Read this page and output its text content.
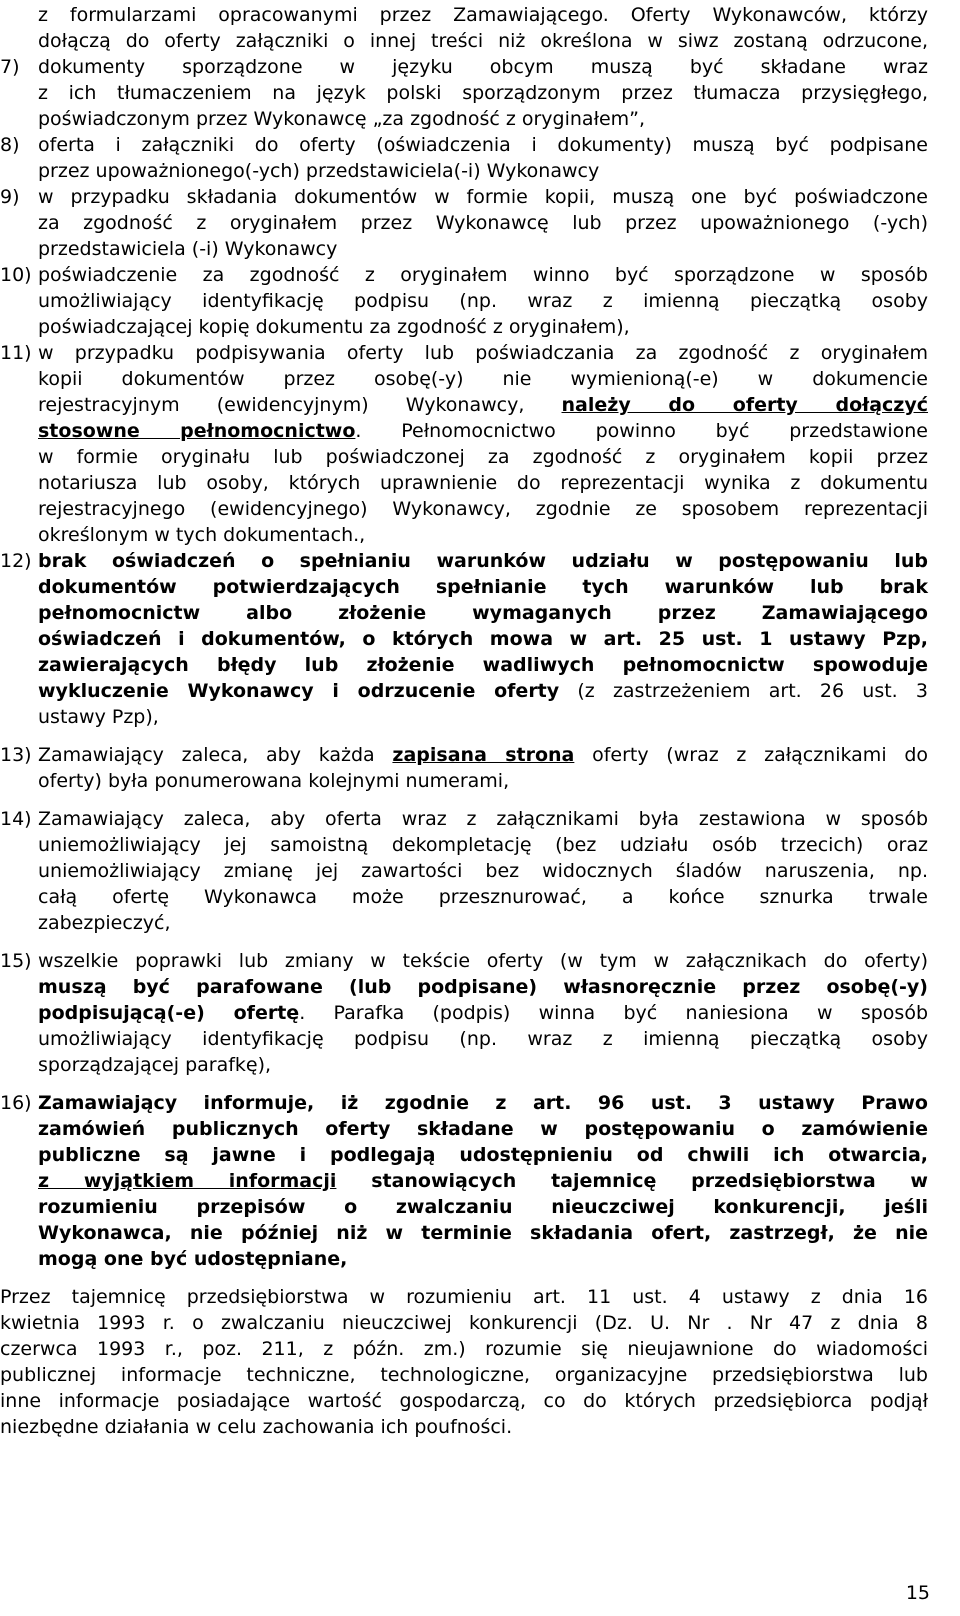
z formularzami opracowanymi przez Zamawiającego. Oferty Wykonawców, którzy
dołączą do oferty załączniki o innej treści niż określona w siwz zostaną odrzucone,
7) dokumenty sporządzone w języku obcym muszą być składane wraz
z ich tłumaczeniem na język polski sporządzonym przez tłumacza przysięgłego,
poświadczonym przez Wykonawcę „za zgodność z oryginałem”,
8) oferta i załączniki do oferty (oświadczenia i dokumenty) muszą być podpisane
przez upoważnionego(-ych) przedstawiciela(-i) Wykonawcy
9) w przypadku składania dokumentów w formie kopii, muszą one być poświadczone
za zgodność z oryginałem przez Wykonawcę lub przez upoważnionego (-ych)
przedstawiciela (-i) Wykonawcy
10) poświadczenie za zgodność z oryginałem winno być sporządzone w sposób
umożliwiający identyfikację podpisu (np. wraz z imienną pieczątką osoby
poświadczającej kopię dokumentu za zgodność z oryginałem),
11) w przypadku podpisywania oferty lub poświadczania za zgodność z oryginałem
kopii dokumentów przez osobę(-y) nie wymienioną(-e) w dokumencie
rejestracyjnym (ewidencyjnym) Wykonawcy, należy do oferty dołączyć
stosowne pełnomocnictwo. Pełnomocnictwo powinno być przedstawione
w formie oryginału lub poświadczonej za zgodność z oryginałem kopii przez
notariusza lub osoby, których uprawnienie do reprezentacji wynika z dokumentu
rejestracyjnego (ewidencyjnego) Wykonawcy, zgodnie ze sposobem reprezentacji
określonym w tych dokumentach.,
12) brak oświadczeń o spełnianiu warunków udziału w postępowaniu lub
dokumentów potwierdzających spełnianie tych warunków lub brak
pełnomocnictw albo złożenie wymaganych przez Zamawiającego
oświadczeń i dokumentów, o których mowa w art. 25 ust. 1 ustawy Pzp,
zawierających błędy lub złożenie wadliwych pełnomocnictw spowoduje
wykluczenie Wykonawcy i odrzucenie oferty (z zastrzeżeniem art. 26 ust. 3
ustawy Pzp),
13) Zamawiający zaleca, aby każda zapisana strona oferty (wraz z załącznikami do
oferty) była ponumerowana kolejnymi numerami,
14) Zamawiający zaleca, aby oferta wraz z załącznikami była zestawiona w sposób
uniemożliwiający jej samoistną dekompletację (bez udziału osób trzecich) oraz
uniemożliwiający zmianę jej zawartości bez widocznych śladów naruszenia, np.
całą ofertę Wykonawca może przesznurować, a końce sznurka trwale
zabezpieczyć,
15) wszelkie poprawki lub zmiany w tekście oferty (w tym w załącznikach do oferty)
muszą być parafowane (lub podpisane) własnoręcznie przez osobę(-y)
podpisującą(-e) ofertę. Parafka (podpis) winna być naniesiona w sposób
umożliwiający identyfikację podpisu (np. wraz z imienną pieczątką osoby
sporządzającej parafkę),
16) Zamawiający informuje, iż zgodnie z art. 96 ust. 3 ustawy Prawo
zamówień publicznych oferty składane w postępowaniu o zamówienie
publiczne są jawne i podlegają udostępnieniu od chwili ich otwarcia,
z wyjątkiem informacji stanowiących tajemnicę przedsiębiorstwa w
rozumieniu przepisów o zwalczaniu nieuczciwej konkurencji, jeśli
Wykonawca, nie później niż w terminie składania ofert, zastrzegł, że nie
mogą one być udostępniane,
Przez tajemnicę przedsiębiorstwa w rozumieniu art. 11 ust. 4 ustawy z dnia 16
kwietnia 1993 r. o zwalczaniu nieuczciwej konkurencji (Dz. U. Nr . Nr 47 z dnia 8
czerwca 1993 r., poz. 211, z późn. zm.) rozumie się nieujawnione do wiadomości
publicznej informacje techniczne, technologiczne, organizacyjne przedsiębiorstwa lub
inne informacje posiadające wartość gospodarczą, co do których przedsiębiorca podjął
niezbędne działania w celu zachowania ich poufności.
15
